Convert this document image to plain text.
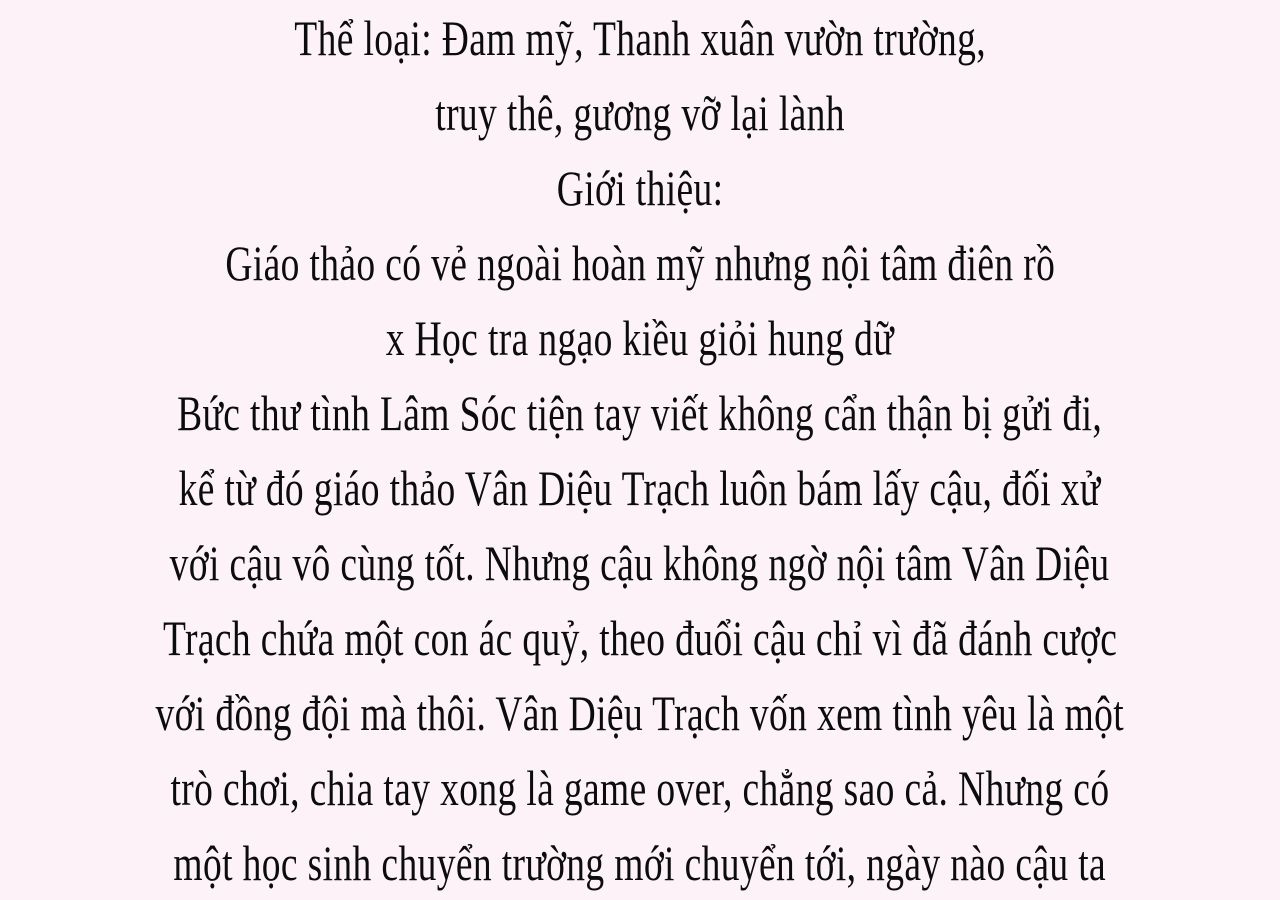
Thể loại: Đam mỹ, Thanh xuân vườn trường,
truy thê, gương vỡ lại lành
Giới thiệu:
Giáo thảo có vẻ ngoài hoàn mỹ nhưng nội tâm điên rồ
x Học tra ngạo kiều giỏi hung dữ
Bức thư tình Lâm Sóc tiện tay viết không cẩn thận bị gửi đi,
kể từ đó giáo thảo Vân Diệu Trạch luôn bám lấy cậu, đối xử
với cậu vô cùng tốt. Nhưng cậu không ngờ nội tâm Vân Diệu
Trạch chứa một con ác quỷ, theo đuổi cậu chỉ vì đã đánh cược
với đồng đội mà thôi. Vân Diệu Trạch vốn xem tình yêu là một
trò chơi, chia tay xong là game over, chẳng sao cả. Nhưng có
một học sinh chuyển trường mới chuyển tới, ngày nào cậu ta
